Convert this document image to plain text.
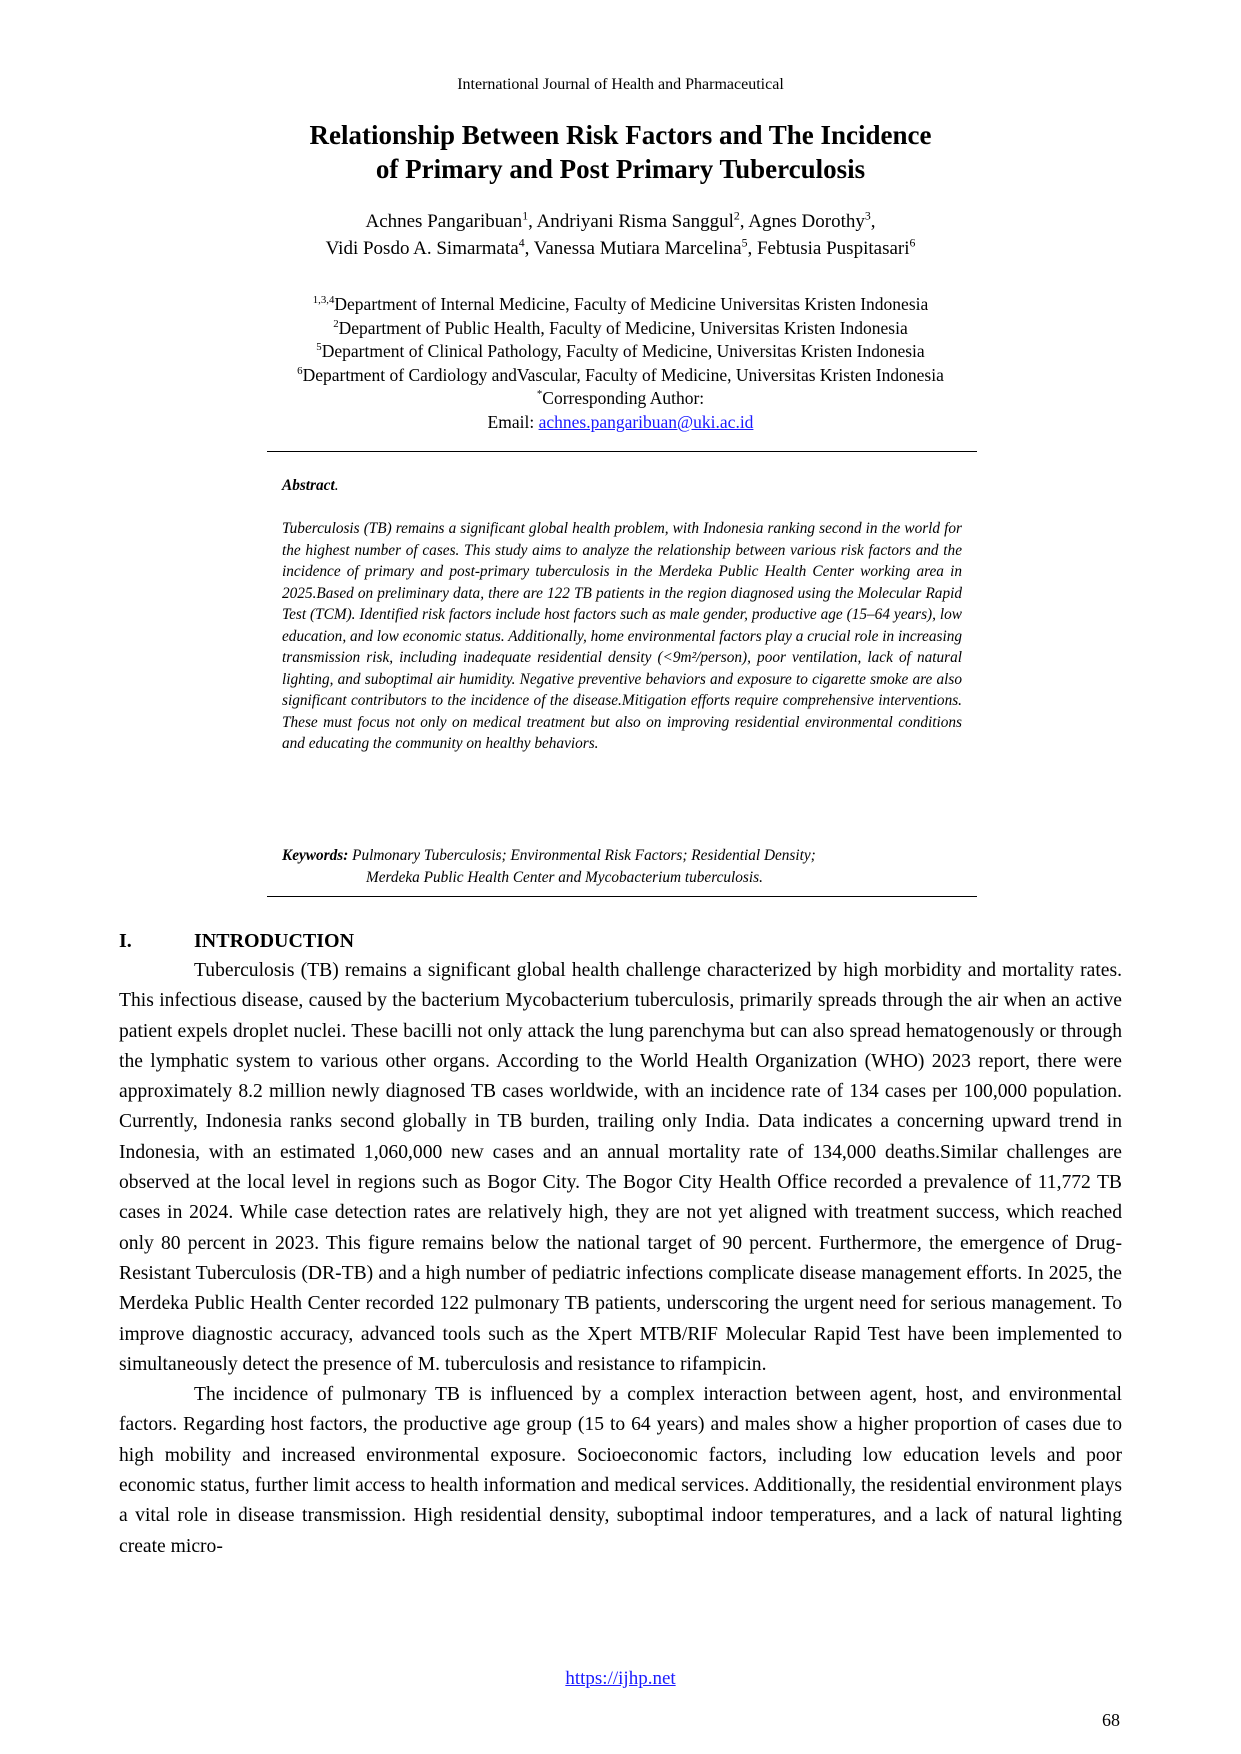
International Journal of Health and Pharmaceutical
Relationship Between Risk Factors and The Incidence
of Primary and Post Primary Tuberculosis
Achnes Pangaribuan$^1$, Andriyani Risma Sanggul$^2$, Agnes Dorothy$^3$,
Vidi Posdo A. Simarmata$^4$, Vanessa Mutiara Marcelina$^5$, Febtusia Puspitasari$^6$
$^{1,3,4}$Department of Internal Medicine, Faculty of Medicine Universitas Kristen Indonesia
$^2$Department of Public Health, Faculty of Medicine, Universitas Kristen Indonesia
$^5$Department of Clinical Pathology, Faculty of Medicine, Universitas Kristen Indonesia
$^6$Department of Cardiology andVascular, Faculty of Medicine, Universitas Kristen Indonesia
*Corresponding Author:
Email: achnes.pangaribuan@uki.ac.id
Abstract.
Tuberculosis (TB) remains a significant global health problem, with Indonesia ranking second in the world for the highest number of cases. This study aims to analyze the relationship between various risk factors and the incidence of primary and post-primary tuberculosis in the Merdeka Public Health Center working area in 2025.Based on preliminary data, there are 122 TB patients in the region diagnosed using the Molecular Rapid Test (TCM). Identified risk factors include host factors such as male gender, productive age (15–64 years), low education, and low economic status. Additionally, home environmental factors play a crucial role in increasing transmission risk, including inadequate residential density (<9m²/person), poor ventilation, lack of natural lighting, and suboptimal air humidity. Negative preventive behaviors and exposure to cigarette smoke are also significant contributors to the incidence of the disease.Mitigation efforts require comprehensive interventions. These must focus not only on medical treatment but also on improving residential environmental conditions and educating the community on healthy behaviors.
Keywords: Pulmonary Tuberculosis; Environmental Risk Factors; Residential Density;
Merdeka Public Health Center and Mycobacterium tuberculosis.
I.	INTRODUCTION

Tuberculosis (TB) remains a significant global health challenge characterized by high morbidity and mortality rates. This infectious disease, caused by the bacterium Mycobacterium tuberculosis, primarily spreads through the air when an active patient expels droplet nuclei. These bacilli not only attack the lung parenchyma but can also spread hematogenously or through the lymphatic system to various other organs. According to the World Health Organization (WHO) 2023 report, there were approximately 8.2 million newly diagnosed TB cases worldwide, with an incidence rate of 134 cases per 100,000 population. Currently, Indonesia ranks second globally in TB burden, trailing only India. Data indicates a concerning upward trend in Indonesia, with an estimated 1,060,000 new cases and an annual mortality rate of 134,000 deaths.Similar challenges are observed at the local level in regions such as Bogor City. The Bogor City Health Office recorded a prevalence of 11,772 TB cases in 2024. While case detection rates are relatively high, they are not yet aligned with treatment success, which reached only 80 percent in 2023. This figure remains below the national target of 90 percent. Furthermore, the emergence of Drug-Resistant Tuberculosis (DR-TB) and a high number of pediatric infections complicate disease management efforts. In 2025, the Merdeka Public Health Center recorded 122 pulmonary TB patients, underscoring the urgent need for serious management. To improve diagnostic accuracy, advanced tools such as the Xpert MTB/RIF Molecular Rapid Test have been implemented to simultaneously detect the presence of M. tuberculosis and resistance to rifampicin.

The incidence of pulmonary TB is influenced by a complex interaction between agent, host, and environmental factors. Regarding host factors, the productive age group (15 to 64 years) and males show a higher proportion of cases due to high mobility and increased environmental exposure. Socioeconomic factors, including low education levels and poor economic status, further limit access to health information and medical services. Additionally, the residential environment plays a vital role in disease transmission. High residential density, suboptimal indoor temperatures, and a lack of natural lighting create micro-

https://ijhp.net
68
